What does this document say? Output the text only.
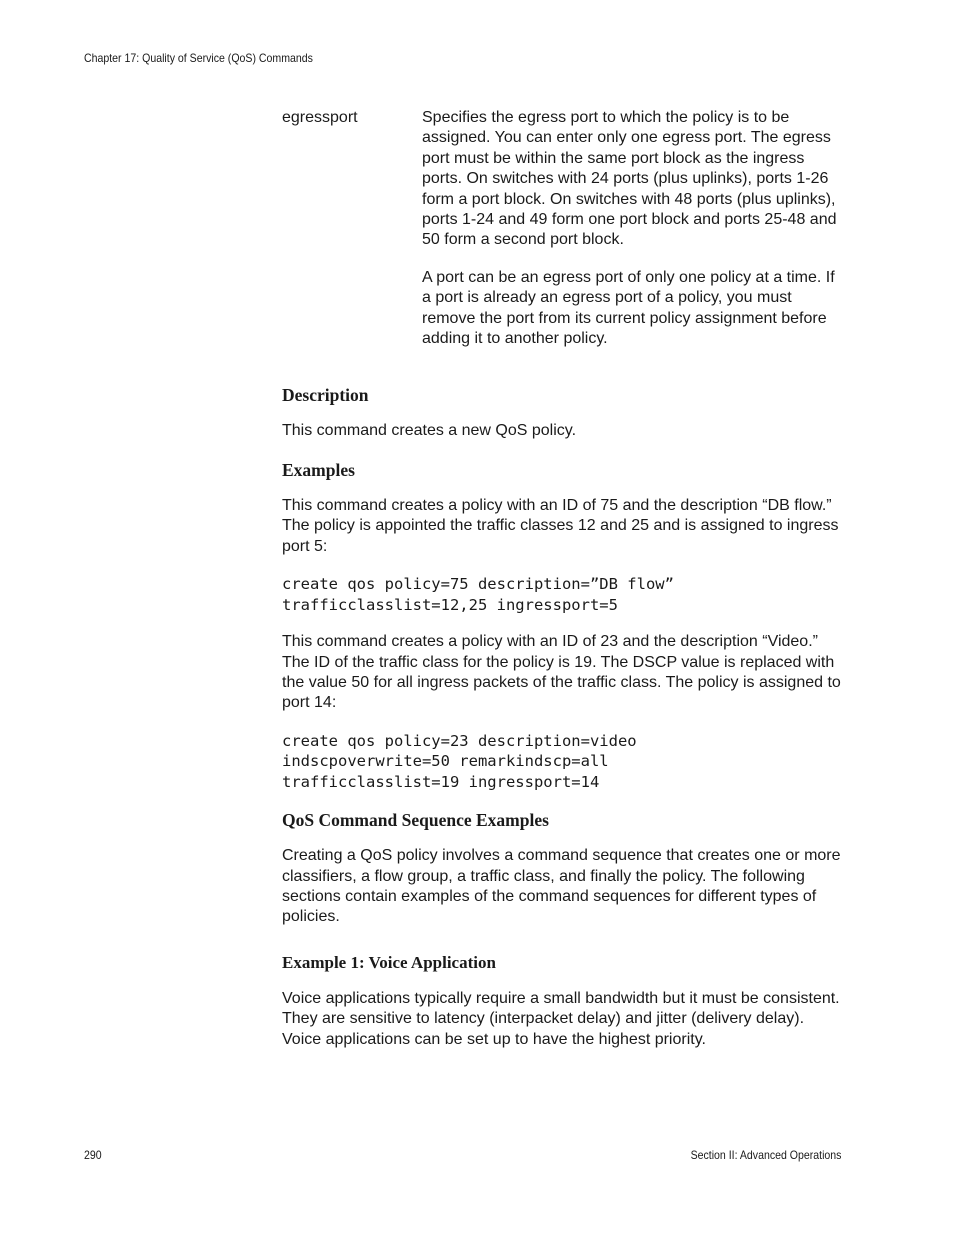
Chapter 17: Quality of Service (QoS) Commands
egressport	Specifies the egress port to which the policy is to be assigned. You can enter only one egress port. The egress port must be within the same port block as the ingress ports. On switches with 24 ports (plus uplinks), ports 1-26 form a port block. On switches with 48 ports (plus uplinks), ports 1-24 and 49 form one port block and ports 25-48 and 50 form a second port block.

A port can be an egress port of only one policy at a time. If a port is already an egress port of a policy, you must remove the port from its current policy assignment before adding it to another policy.

Description

This command creates a new QoS policy.

Examples

This command creates a policy with an ID of 75 and the description “DB flow.” The policy is appointed the traffic classes 12 and 25 and is assigned to ingress port 5:

create qos policy=75 description=”DB flow”
trafficclasslist=12,25 ingressport=5

This command creates a policy with an ID of 23 and the description “Video.” The ID of the traffic class for the policy is 19. The DSCP value is replaced with the value 50 for all ingress packets of the traffic class. The policy is assigned to port 14:

create qos policy=23 description=video
indscpoverwrite=50 remarkindscp=all
trafficclasslist=19 ingressport=14
QoS Command Sequence Examples

Creating a QoS policy involves a command sequence that creates one or more classifiers, a flow group, a traffic class, and finally the policy. The following sections contain examples of the command sequences for different types of policies.

Example 1: Voice Application

Voice applications typically require a small bandwidth but it must be consistent. They are sensitive to latency (interpacket delay) and jitter (delivery delay). Voice applications can be set up to have the highest priority.

290	Section II: Advanced Operations
